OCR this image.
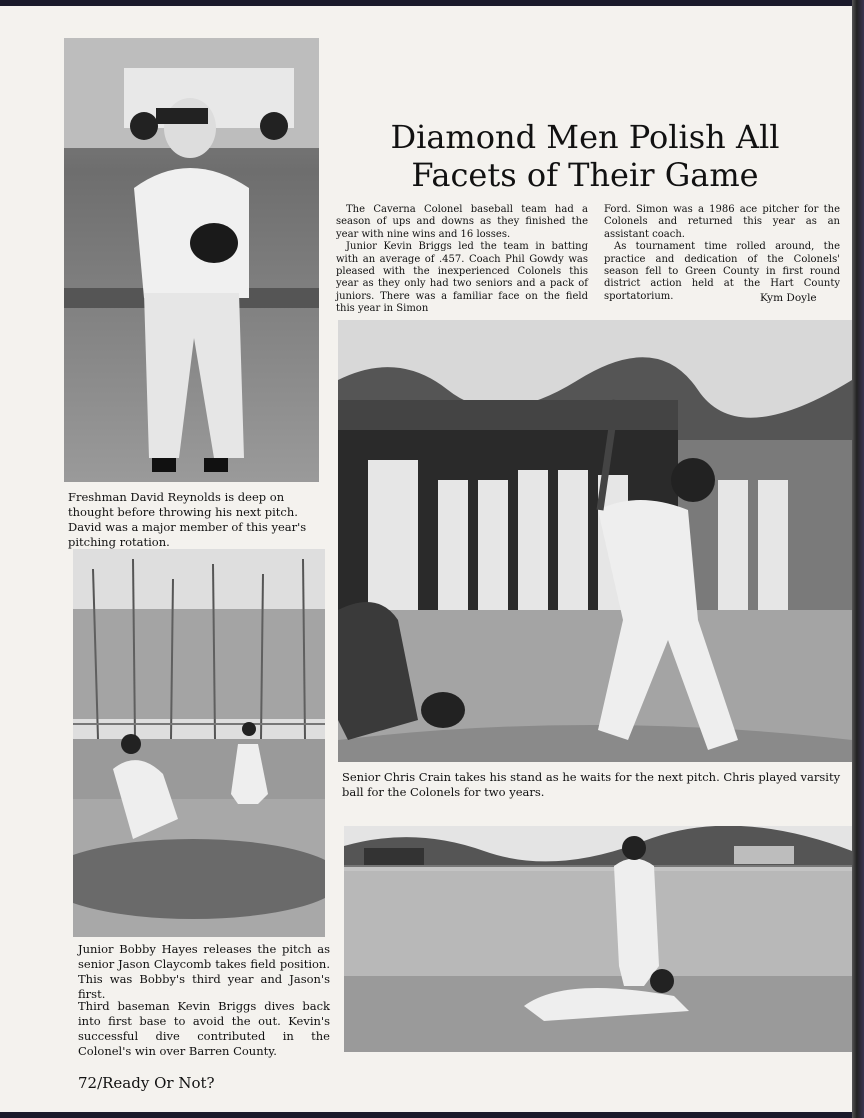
Freshman David Reynolds is deep on thought before throwing his next pitch. David was a major member of this year's pitching rotation.
Junior Bobby Hayes releases the pitch as senior Jason Claycomb takes field position. This was Bobby's third year and Jason's first.
Third baseman Kevin Briggs dives back into first base to avoid the out. Kevin's successful dive contributed in the Colonel's win over Barren County.
Diamond Men Polish All
Facets of Their Game

The Caverna Colonel baseball team had a season of ups and downs as they finished the year with nine wins and 16 losses.

Junior Kevin Briggs led the team in batting with an average of .457. Coach Phil Gowdy was pleased with the inexperienced Colonels this year as they only had two seniors and a pack of juniors. There was a familiar face on the field this year in Simon

Ford. Simon was a 1986 ace pitcher for the Colonels and returned this year as an assistant coach.

As tournament time rolled around, the practice and dedication of the Colonels' season fell to Green County in first round district action held at the Hart County sportatorium.	Kym Doyle
Senior Chris Crain takes his stand as he waits for the next pitch. Chris played varsity ball for the Colonels for two years.
72/Ready Or Not?
